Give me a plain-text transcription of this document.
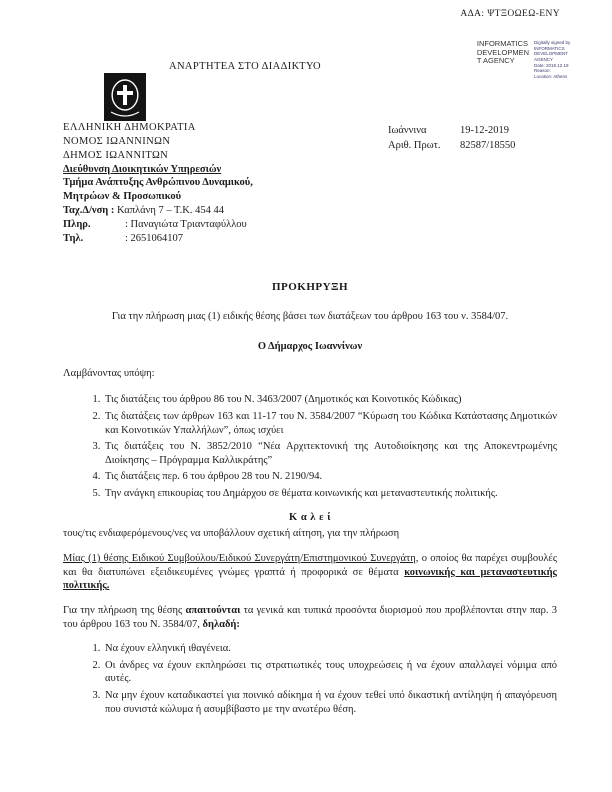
ΑΔΑ: ΨΤΞΟΩΕΩ-ΕΝΥ
INFORMATICS
DEVELOPMEN
T AGENCY
Digitally signed by
INFORMATICS
DEVELOPMENT AGENCY
Date: 2019.12.19
Reason:
Location: Athens
ΑΝΑΡΤΗΤΕΑ ΣΤΟ ΔΙΑΔΙΚΤΥΟ
ΕΛΛΗΝΙΚΗ ΔΗΜΟΚΡΑΤΙΑ
ΝΟΜΟΣ ΙΩΑΝΝΙΝΩΝ
ΔΗΜΟΣ ΙΩΑΝΝΙΤΩΝ
Διεύθυνση Διοικητικών Υπηρεσιών
Τμήμα Ανάπτυξης Ανθρώπινου Δυναμικού,
Μητρώων & Προσωπικού
Ταχ.Δ/νση : Καπλάνη 7 – Τ.Κ. 454 44
Πληρ.	: Παναγιώτα Τριανταφύλλου
Τηλ.	: 2651064107
Ιωάννινα	19-12-2019
Αριθ. Πρωτ.	82587/18550
ΠΡΟΚΗΡΥΞΗ
Για την πλήρωση μιας (1) ειδικής θέσης βάσει των διατάξεων του άρθρου 163 του ν. 3584/07.
Ο Δήμαρχος Ιωαννίνων
Λαμβάνοντας υπόψη:
1. Τις διατάξεις του άρθρου 86 του Ν. 3463/2007 (Δημοτικός και Κοινοτικός Κώδικας)
2. Τις διατάξεις των άρθρων 163 και 11-17 του Ν. 3584/2007 “Κύρωση του Κώδικα Κατάστασης Δημοτικών και Κοινοτικών Υπαλλήλων”, όπως ισχύει
3. Τις διατάξεις του Ν. 3852/2010 “Νέα Αρχιτεκτονική της Αυτοδιοίκησης και της Αποκεντρωμένης Διοίκησης – Πρόγραμμα Καλλικράτης”
4. Τις διατάξεις περ. 6 του άρθρου 28 του Ν. 2190/94.
5. Την ανάγκη επικουρίας του Δημάρχου σε θέματα κοινωνικής και μεταναστευτικής πολιτικής.
Κ α λ ε ί
τους/τις ενδιαφερόμενους/νες να υποβάλλουν σχετική αίτηση, για την πλήρωση
Μίας (1) θέσης Ειδικού Συμβούλου/Ειδικού Συνεργάτη/Επιστημονικού Συνεργάτη, ο οποίος θα παρέχει συμβουλές και θα διατυπώνει εξειδικευμένες γνώμες γραπτά ή προφορικά σε θέματα κοινωνικής και μεταναστευτικής πολιτικής.
Για την πλήρωση της θέσης απαιτούνται τα γενικά και τυπικά προσόντα διορισμού που προβλέπονται στην παρ. 3 του άρθρου 163 του Ν. 3584/07, δηλαδή:
1. Να έχουν ελληνική ιθαγένεια.
2. Οι άνδρες να έχουν εκπληρώσει τις στρατιωτικές τους υποχρεώσεις ή να έχουν απαλλαγεί νόμιμα από αυτές.
3. Να μην έχουν καταδικαστεί για ποινικό αδίκημα ή να έχουν τεθεί υπό δικαστική αντίληψη ή απαγόρευση που συνιστά κώλυμα ή ασυμβίβαστο με την ανωτέρω θέση.
